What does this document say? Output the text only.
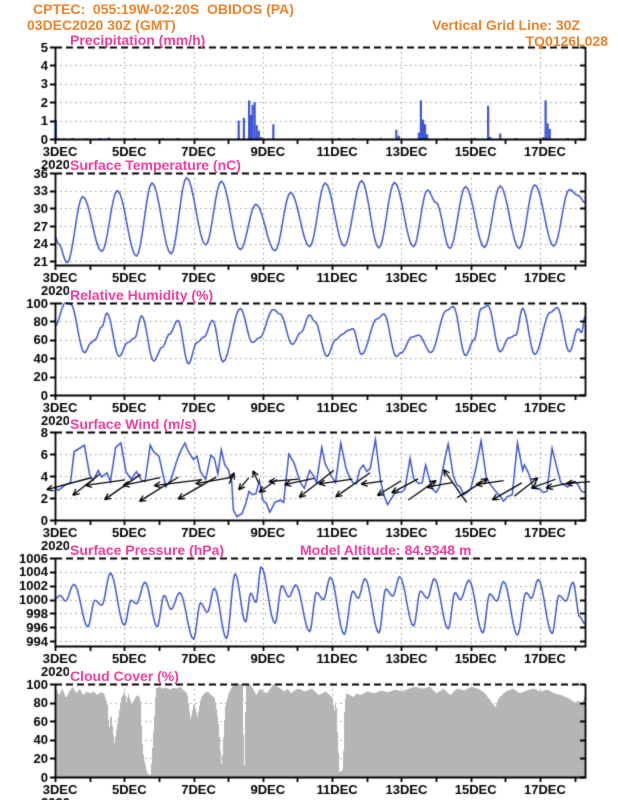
CPTEC:  055:19W-02:20S  OBIDOS (PA)
03DEC2020 30Z (GMT)	Vertical Grid Line: 30Z
TQ0126L028
Precipitation (mm/h)
Surface Temperature (nC)
Relative Humidity (%)
Surface Wind (m/s)
Surface Pressure (hPa)	Model Altitude: 84.9348 m
Cloud Cover (%)
